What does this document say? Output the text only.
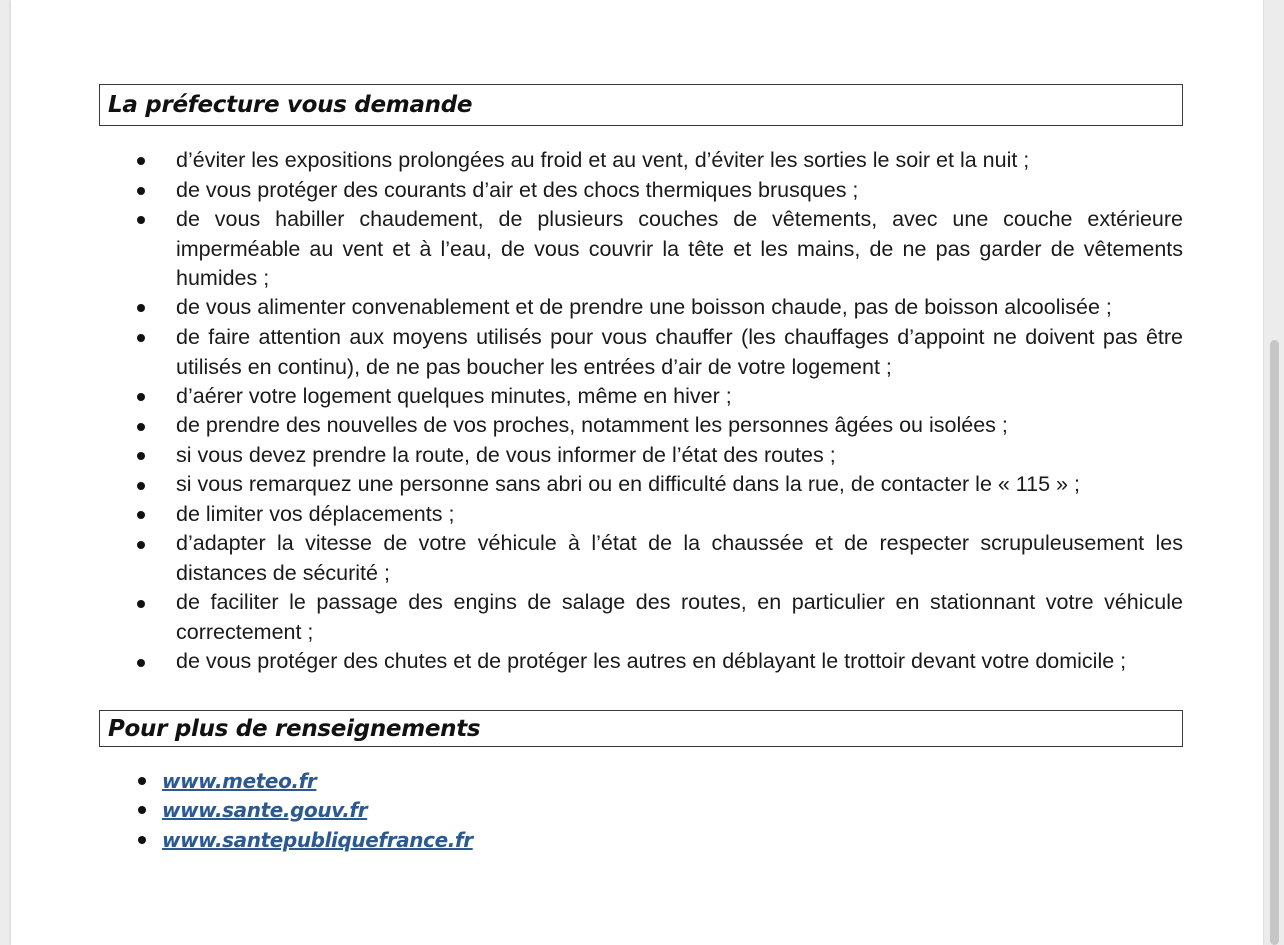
La préfecture vous demande
d’éviter les expositions prolongées au froid et au vent, d’éviter les sorties le soir et la nuit ;
de vous protéger des courants d’air et des chocs thermiques brusques ;
de vous habiller chaudement, de plusieurs couches de vêtements, avec une couche extérieure imperméable au vent et à l’eau, de vous couvrir la tête et les mains, de ne pas garder de vêtements humides ;
de vous alimenter convenablement et de prendre une boisson chaude, pas de boisson alcoolisée ;
de faire attention aux moyens utilisés pour vous chauffer (les chauffages d’appoint ne doivent pas être utilisés en continu), de ne pas boucher les entrées d’air de votre logement ;
d’aérer votre logement quelques minutes, même en hiver ;
de prendre des nouvelles de vos proches, notamment les personnes âgées ou isolées ;
si vous devez prendre la route, de vous informer de l’état des routes ;
si vous remarquez une personne sans abri ou en difficulté dans la rue, de contacter le « 115 » ;
de limiter vos déplacements ;
d’adapter la vitesse de votre véhicule à l’état de la chaussée et de respecter scrupuleusement les distances de sécurité ;
de faciliter le passage des engins de salage des routes, en particulier en stationnant votre véhicule correctement ;
de vous protéger des chutes et de protéger les autres en déblayant le trottoir devant votre domicile ;
Pour plus de renseignements
www.meteo.fr
www.sante.gouv.fr
www.santepubliquefrance.fr
